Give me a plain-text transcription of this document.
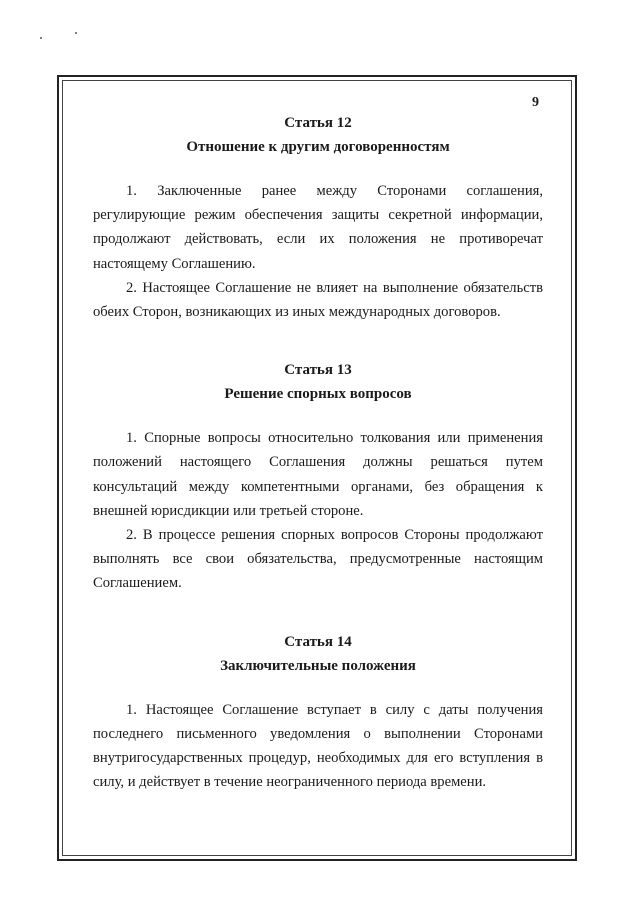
9

Статья 12

Отношение к другим договоренностям

1. Заключенные ранее между Сторонами соглашения, регулирующие режим обеспечения защиты секретной информации, продолжают действовать, если их положения не противоречат настоящему Соглашению.

2. Настоящее Соглашение не влияет на выполнение обязательств обеих Сторон, возникающих из иных международных договоров.

Статья 13

Решение спорных вопросов

1. Спорные вопросы относительно толкования или применения положений настоящего Соглашения должны решаться путем консультаций между компетентными органами, без обращения к внешней юрисдикции или третьей стороне.

2. В процессе решения спорных вопросов Стороны продолжают выполнять все свои обязательства, предусмотренные настоящим Соглашением.

Статья 14

Заключительные положения

1. Настоящее Соглашение вступает в силу с даты получения последнего письменного уведомления о выполнении Сторонами внутригосударственных процедур, необходимых для его вступления в силу, и действует в течение неограниченного периода времени.
